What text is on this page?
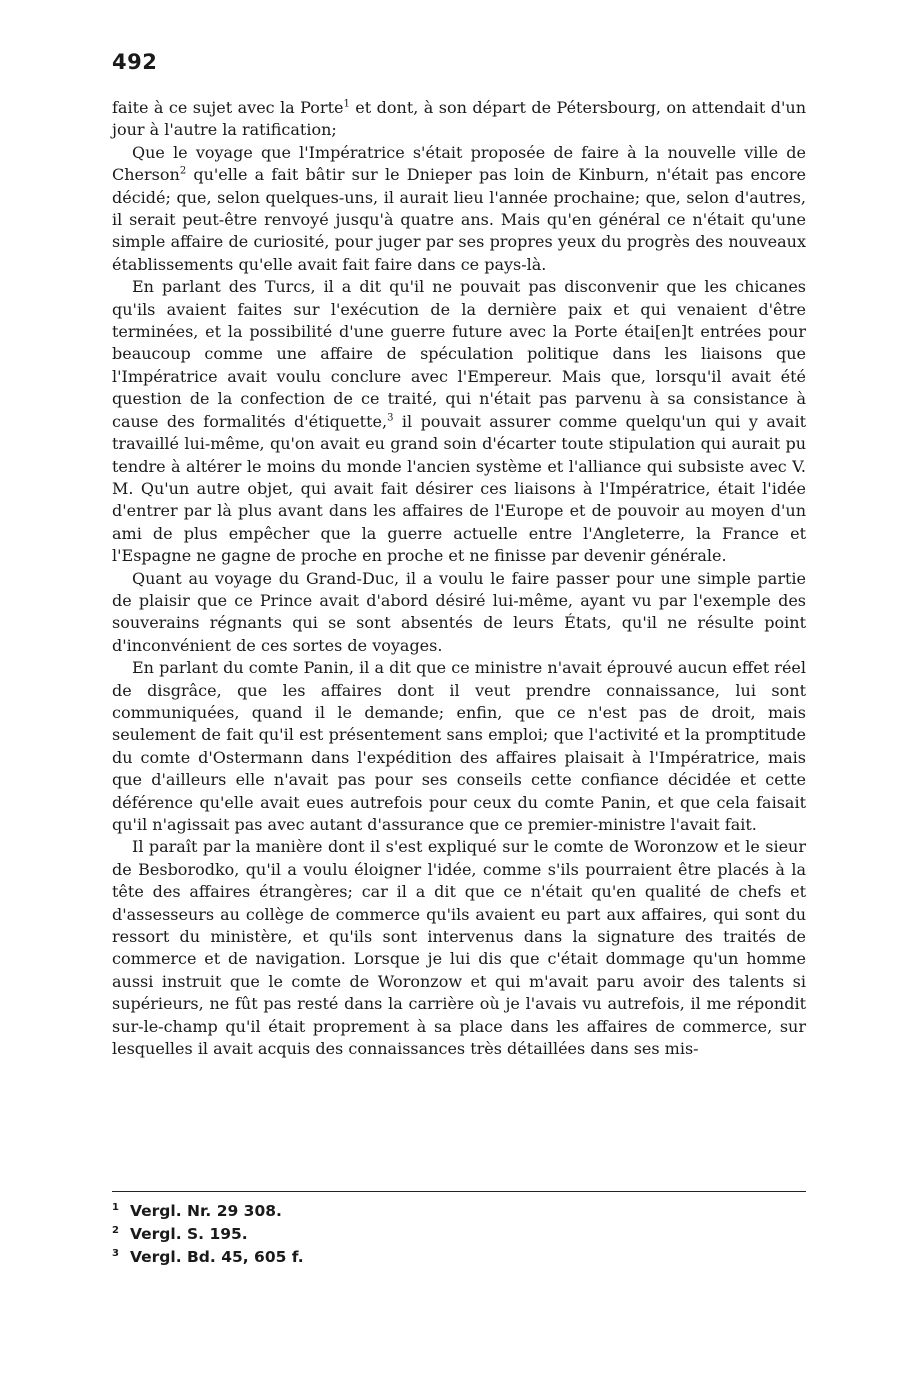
492

faite à ce sujet avec la Porte$^1$ et dont, à son départ de Pétersbourg, on attendait d'un jour à l'autre la ratification;

Que le voyage que l'Impératrice s'était proposée de faire à la nouvelle ville de Cherson$^2$ qu'elle a fait bâtir sur le Dnieper pas loin de Kinburn, n'était pas encore décidé; que, selon quelques-uns, il aurait lieu l'année prochaine; que, selon d'autres, il serait peut-être renvoyé jusqu'à quatre ans. Mais qu'en général ce n'était qu'une simple affaire de curiosité, pour juger par ses propres yeux du progrès des nouveaux établissements qu'elle avait fait faire dans ce pays-là.

En parlant des Turcs, il a dit qu'il ne pouvait pas disconvenir que les chicanes qu'ils avaient faites sur l'exécution de la dernière paix et qui venaient d'être terminées, et la possibilité d'une guerre future avec la Porte étai[en]t entrées pour beaucoup comme une affaire de spéculation politique dans les liaisons que l'Impératrice avait voulu conclure avec l'Empereur. Mais que, lorsqu'il avait été question de la confection de ce traité, qui n'était pas parvenu à sa consistance à cause des formalités d'étiquette,$^3$ il pouvait assurer comme quelqu'un qui y avait travaillé lui-même, qu'on avait eu grand soin d'écarter toute stipulation qui aurait pu tendre à altérer le moins du monde l'ancien système et l'alliance qui subsiste avec V. M. Qu'un autre objet, qui avait fait désirer ces liaisons à l'Impératrice, était l'idée d'entrer par là plus avant dans les affaires de l'Europe et de pouvoir au moyen d'un ami de plus empêcher que la guerre actuelle entre l'Angleterre, la France et l'Espagne ne gagne de proche en proche et ne finisse par devenir générale.

Quant au voyage du Grand-Duc, il a voulu le faire passer pour une simple partie de plaisir que ce Prince avait d'abord désiré lui-même, ayant vu par l'exemple des souverains régnants qui se sont absentés de leurs États, qu'il ne résulte point d'inconvénient de ces sortes de voyages.

En parlant du comte Panin, il a dit que ce ministre n'avait éprouvé aucun effet réel de disgrâce, que les affaires dont il veut prendre connaissance, lui sont communiquées, quand il le demande; enfin, que ce n'est pas de droit, mais seulement de fait qu'il est présentement sans emploi; que l'activité et la promptitude du comte d'Ostermann dans l'expédition des affaires plaisait à l'Impératrice, mais que d'ailleurs elle n'avait pas pour ses conseils cette confiance décidée et cette déférence qu'elle avait eues autrefois pour ceux du comte Panin, et que cela faisait qu'il n'agissait pas avec autant d'assurance que ce premier-ministre l'avait fait.

Il paraît par la manière dont il s'est expliqué sur le comte de Woronzow et le sieur de Besborodko, qu'il a voulu éloigner l'idée, comme s'ils pourraient être placés à la tête des affaires étrangères; car il a dit que ce n'était qu'en qualité de chefs et d'assesseurs au collège de commerce qu'ils avaient eu part aux affaires, qui sont du ressort du ministère, et qu'ils sont intervenus dans la signature des traités de commerce et de navigation. Lorsque je lui dis que c'était dommage qu'un homme aussi instruit que le comte de Woronzow et qui m'avait paru avoir des talents si supérieurs, ne fût pas resté dans la carrière où je l'avais vu autrefois, il me répondit sur-le-champ qu'il était proprement à sa place dans les affaires de commerce, sur lesquelles il avait acquis des connaissances très détaillées dans ses mis-

1 Vergl. Nr. 29 308.
2 Vergl. S. 195.
3 Vergl. Bd. 45, 605 f.
